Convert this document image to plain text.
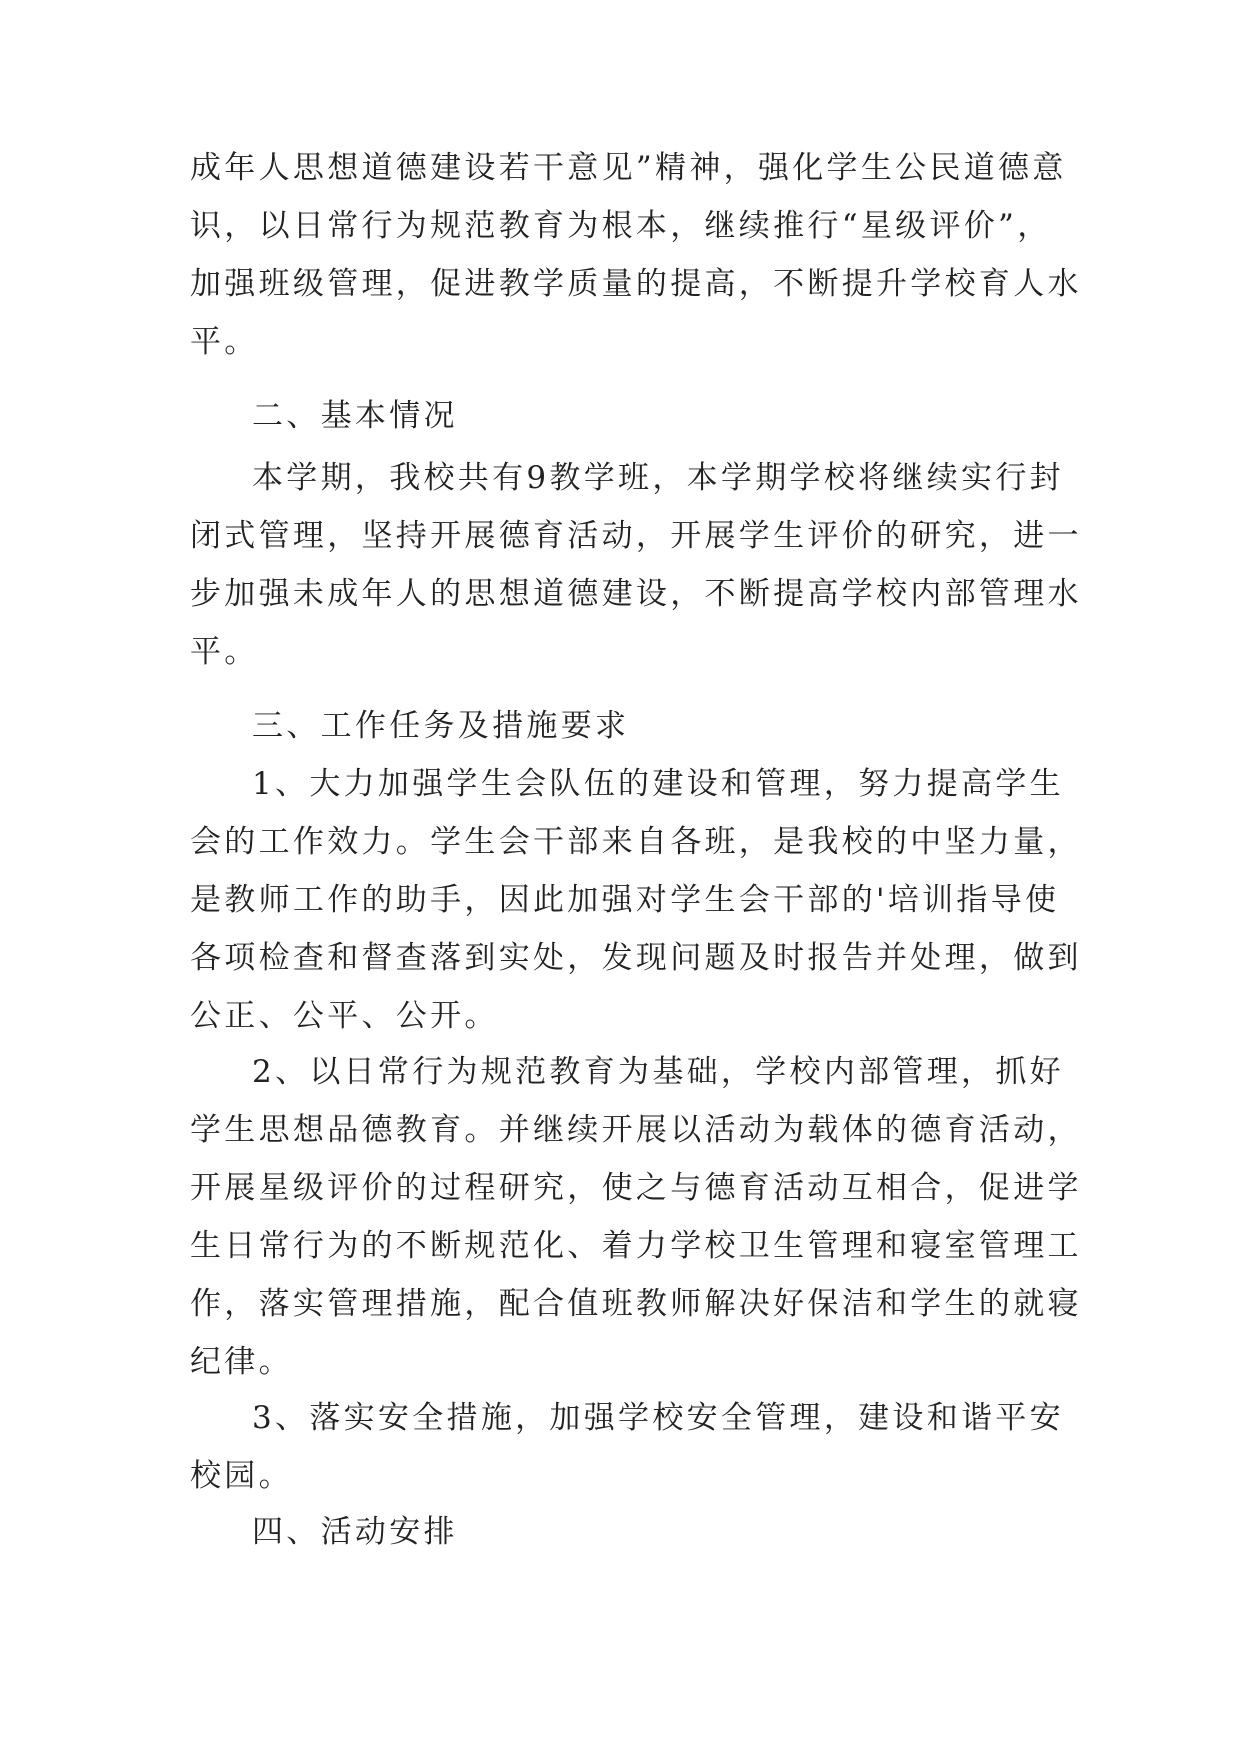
成年人思想道德建设若干意见”精神，强化学生公民道德意
识，以日常行为规范教育为根本，继续推行“星级评价”，
加强班级管理，促进教学质量的提高，不断提升学校育人水
平。
二、基本情况
本学期，我校共有9教学班，本学期学校将继续实行封
闭式管理，坚持开展德育活动，开展学生评价的研究，进一
步加强未成年人的思想道德建设，不断提高学校内部管理水
平。
三、工作任务及措施要求
1、大力加强学生会队伍的建设和管理，努力提高学生
会的工作效力。学生会干部来自各班，是我校的中坚力量，
是教师工作的助手，因此加强对学生会干部的'培训指导使
各项检查和督查落到实处，发现问题及时报告并处理，做到
公正、公平、公开。
2、以日常行为规范教育为基础，学校内部管理，抓好
学生思想品德教育。并继续开展以活动为载体的德育活动，
开展星级评价的过程研究，使之与德育活动互相合，促进学
生日常行为的不断规范化、着力学校卫生管理和寝室管理工
作，落实管理措施，配合值班教师解决好保洁和学生的就寝
纪律。
3、落实安全措施，加强学校安全管理，建设和谐平安
校园。
四、活动安排
